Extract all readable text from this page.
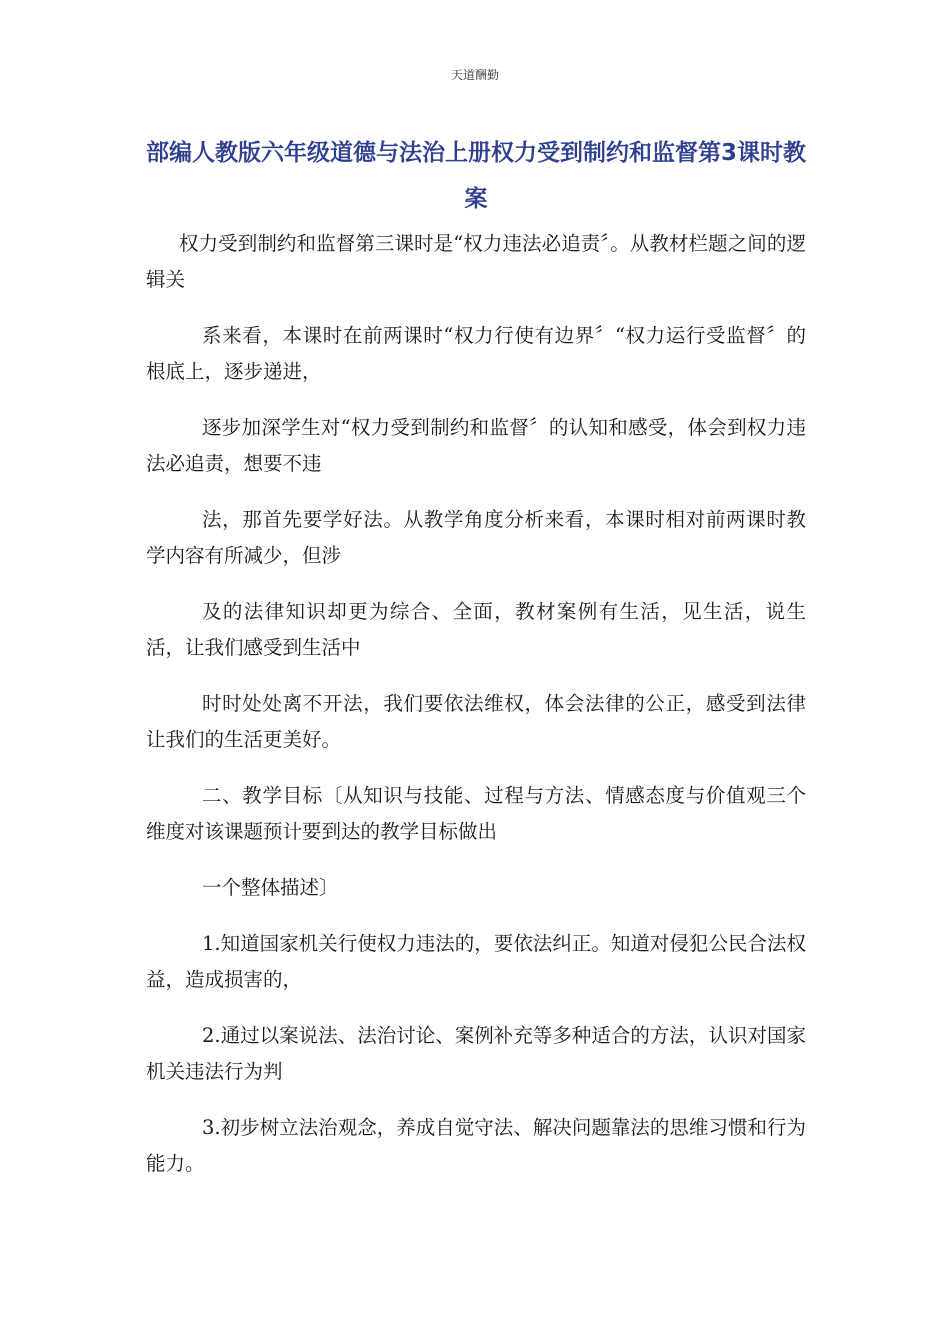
天道酬勤
部编人教版六年级道德与法治上册权力受到制约和监督第3课时教案

权力受到制约和监督第三课时是“权力违法必追责〞。从教材栏题之间的逻辑关

系来看，本课时在前两课时“权力行使有边界〞“权力运行受监督〞的根底上，逐步递进，

逐步加深学生对“权力受到制约和监督〞的认知和感受，体会到权力违法必追责，想要不违

法，那首先要学好法。从教学角度分析来看，本课时相对前两课时教学内容有所减少，但涉

及的法律知识却更为综合、全面，教材案例有生活，见生活，说生活，让我们感受到生活中

时时处处离不开法，我们要依法维权，体会法律的公正，感受到法律让我们的生活更美好。

二、教学目标〔从知识与技能、过程与方法、情感态度与价值观三个维度对该课题预计要到达的教学目标做出

一个整体描述〕

1.知道国家机关行使权力违法的，要依法纠正。知道对侵犯公民合法权益，造成损害的，

2.通过以案说法、法治讨论、案例补充等多种适合的方法，认识对国家机关违法行为判

3.初步树立法治观念，养成自觉守法、解决问题靠法的思维习惯和行为能力。
